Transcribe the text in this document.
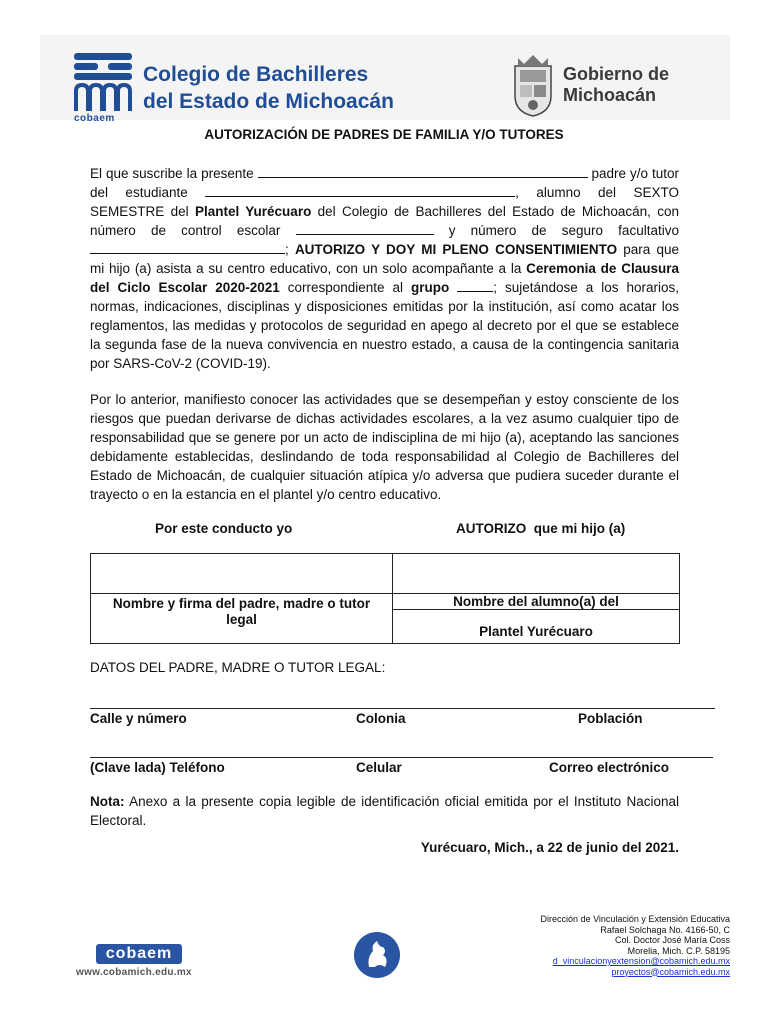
cobaem
Colegio de Bachilleres
del Estado de Michoacán
Gobierno de
Michoacán
AUTORIZACIÓN DE PADRES DE FAMILIA Y/O TUTORES
El que suscribe la presente	padre y/o tutor
del estudiante	, alumno del SEXTO
SEMESTRE del Plantel Yurécuaro del Colegio de Bachilleres del Estado de Michoacán, con
número de control escolar	y número de seguro facultativo
; AUTORIZO Y DOY MI PLENO CONSENTIMIENTO para que
mi hijo (a) asista a su centro educativo, con un solo acompañante a la Ceremonia de Clausura
del Ciclo Escolar 2020-2021 correspondiente al grupo	; sujetándose a los horarios,
normas, indicaciones, disciplinas y disposiciones emitidas por la institución, así como acatar los
reglamentos, las medidas y protocolos de seguridad en apego al decreto por el que se establece
la segunda fase de la nueva convivencia en nuestro estado, a causa de la contingencia sanitaria
por SARS-CoV-2 (COVID-19).
Por lo anterior, manifiesto conocer las actividades que se desempeñan y estoy consciente de los
riesgos que puedan derivarse de dichas actividades escolares, a la vez asumo cualquier tipo de
responsabilidad que se genere por un acto de indisciplina de mi hijo (a), aceptando las sanciones
debidamente establecidas, deslindando de toda responsabilidad al Colegio de Bachilleres del
Estado de Michoacán, de cualquier situación atípica y/o adversa que pudiera suceder durante el
trayecto o en la estancia en el plantel y/o centro educativo.
Por este conducto yo	AUTORIZO  que mi hijo (a)

Nombre y firma del padre, madre o tutor legal	Nombre del alumno(a) del
	Plantel Yurécuaro
DATOS DEL PADRE, MADRE O TUTOR LEGAL:
Calle y número	Colonia	Población
(Clave lada) Teléfono	Celular	Correo electrónico
Nota: Anexo a la presente copia legible de identificación oficial emitida por el Instituto Nacional
Electoral.
Yurécuaro, Mich., a 22 de junio del 2021.
cobaem
www.cobamich.edu.mx
Dirección de Vinculación y Extensión Educativa
Rafael Solchaga No. 4166-50, C
Col. Doctor José María Coss
Morelia, Mich. C.P. 58195
d_vinculacionyextension@cobamich.edu.mx
proyectos@cobamich.edu.mx
